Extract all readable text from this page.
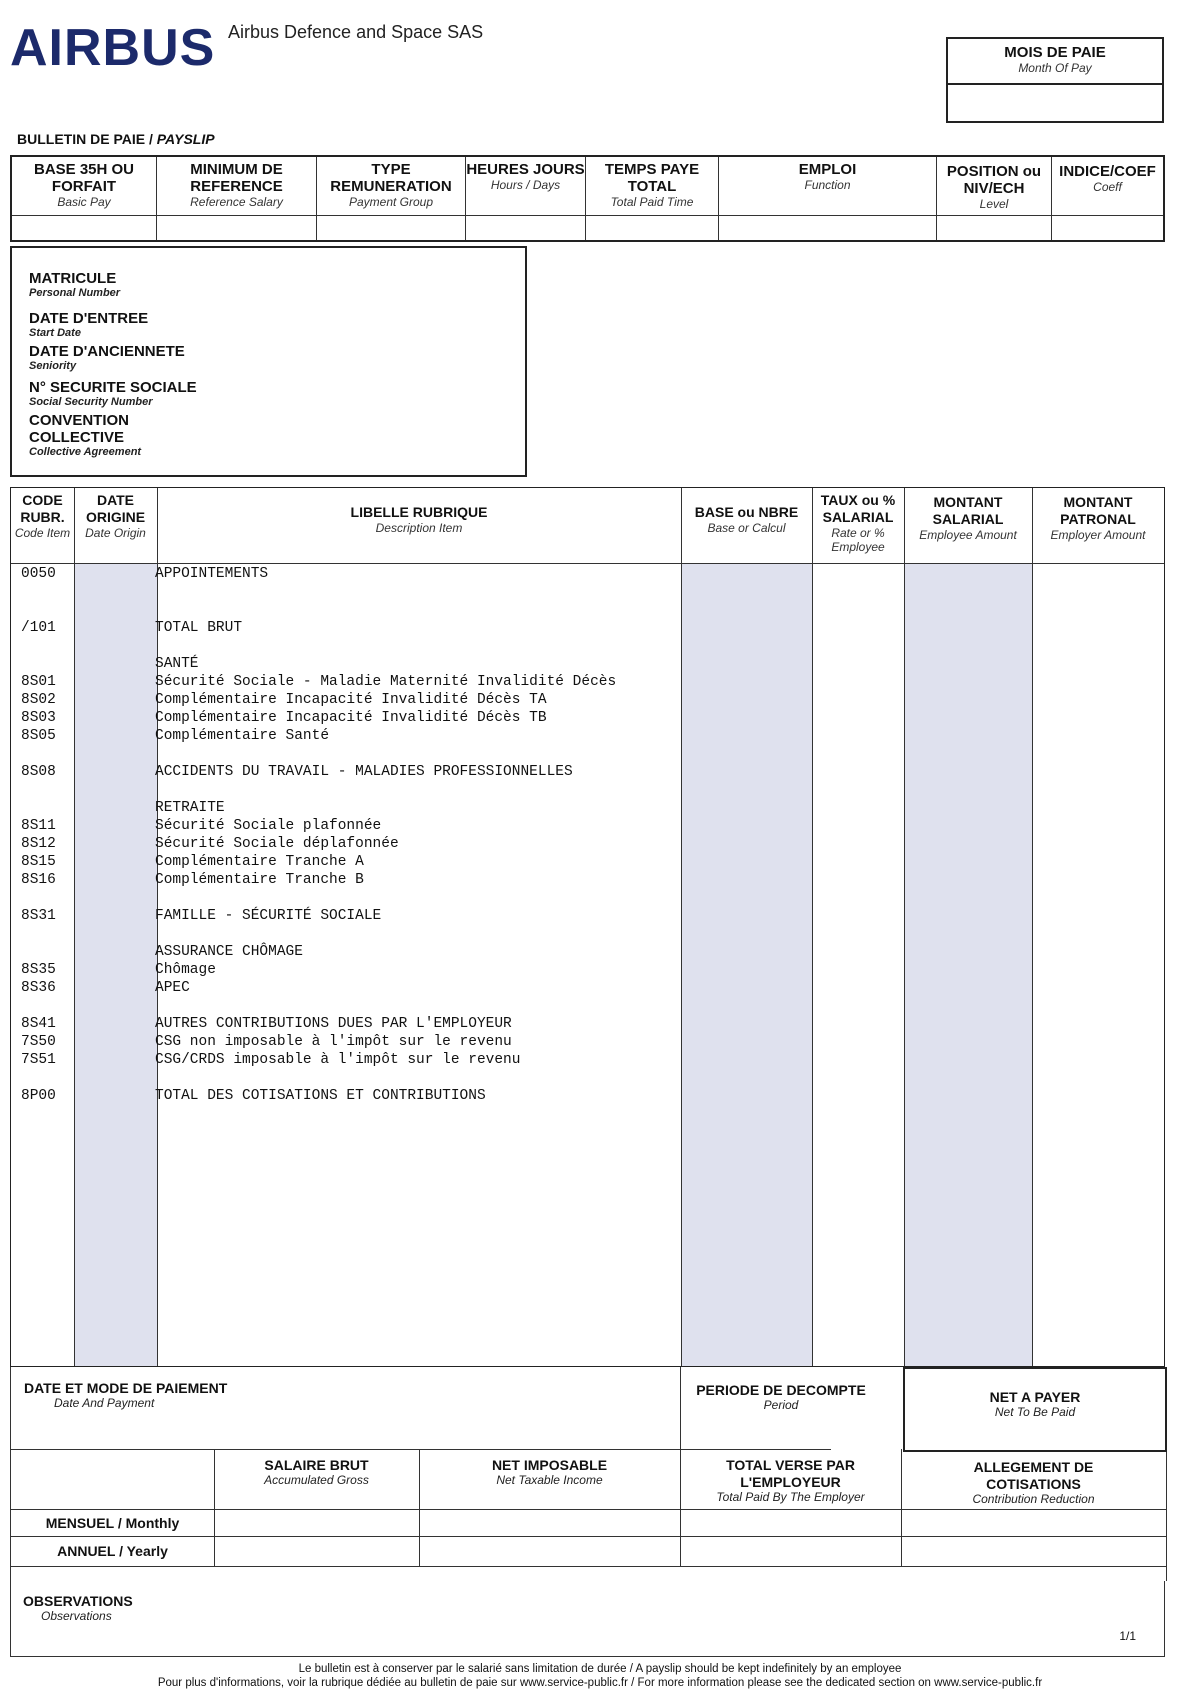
AIRBUS Airbus Defence and Space SAS
MOIS DE PAIE
Month Of Pay
BULLETIN DE PAIE / PAYSLIP
BASE 35H OU FORFAIT
Basic Pay
MINIMUM DE REFERENCE
Reference Salary
TYPE REMUNERATION
Payment Group
HEURES JOURS
Hours / Days
TEMPS PAYE TOTAL
Total Paid Time
EMPLOI
Function
POSITION ou NIV/ECH
Level
INDICE/COEF
Coeff
MATRICULE
Personal Number
DATE D'ENTREE
Start Date
DATE D'ANCIENNETE
Seniority
N° SECURITE SOCIALE
Social Security Number
CONVENTION
COLLECTIVE
Collective Agreement
CODE RUBR.
Code Item
DATE ORIGINE
Date Origin
LIBELLE RUBRIQUE
Description Item
BASE ou NBRE
Base or Calcul
TAUX ou % SALARIAL
Rate or % Employee
MONTANT SALARIAL
Employee Amount
MONTANT PATRONAL
Employer Amount
0050	APPOINTEMENTS
/101	TOTAL BRUT
SANTÉ
8S01	Sécurité Sociale - Maladie Maternité Invalidité Décès
8S02	Complémentaire Incapacité Invalidité Décès TA
8S03	Complémentaire Incapacité Invalidité Décès TB
8S05	Complémentaire Santé
8S08	ACCIDENTS DU TRAVAIL - MALADIES PROFESSIONNELLES
RETRAITE
8S11	Sécurité Sociale plafonnée
8S12	Sécurité Sociale déplafonnée
8S15	Complémentaire Tranche A
8S16	Complémentaire Tranche B
8S31	FAMILLE - SÉCURITÉ SOCIALE
ASSURANCE CHÔMAGE
8S35	Chômage
8S36	APEC
8S41	AUTRES CONTRIBUTIONS DUES PAR L'EMPLOYEUR
7S50	CSG non imposable à l'impôt sur le revenu
7S51	CSG/CRDS imposable à l'impôt sur le revenu
8P00	TOTAL DES COTISATIONS ET CONTRIBUTIONS
DATE ET MODE DE PAIEMENT
Date And Payment
PERIODE DE DECOMPTE
Period	NET A PAYER
Net To Be Paid
SALAIRE BRUT
Accumulated Gross
NET IMPOSABLE
Net Taxable Income
TOTAL VERSE PAR
L'EMPLOYEUR
Total Paid By The Employer
ALLEGEMENT DE
COTISATIONS
Contribution Reduction
MENSUEL / Monthly
ANNUEL / Yearly
OBSERVATIONS
Observations
1/1
Le bulletin est à conserver par le salarié sans limitation de durée / A payslip should be kept indefinitely by an employee
Pour plus d'informations, voir la rubrique dédiée au bulletin de paie sur www.service-public.fr / For more information please see the dedicated section on www.service-public.fr
